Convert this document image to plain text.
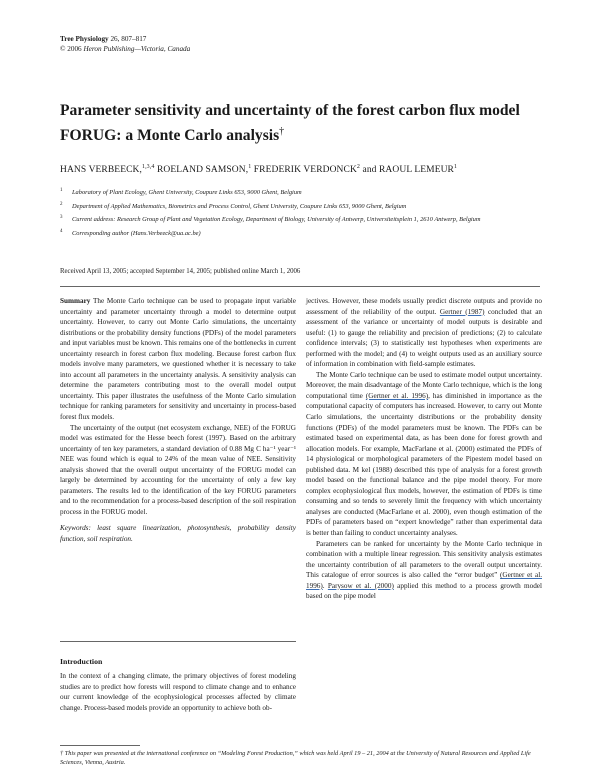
Tree Physiology 26, 807–817
© 2006 Heron Publishing—Victoria, Canada
Parameter sensitivity and uncertainty of the forest carbon flux model
FORUG: a Monte Carlo analysis†
HANS VERBEECK,$^{1,3,4}$ ROELAND SAMSON,$^1$ FREDERIK VERDONCK$^2$ and RAOUL LEMEUR$^1$
1 Laboratory of Plant Ecology, Ghent University, Coupure Links 653, 9000 Ghent, Belgium
2 Department of Applied Mathematics, Biometrics and Process Control, Ghent University, Coupure Links 653, 9000 Ghent, Belgium
3 Current address: Research Group of Plant and Vegetation Ecology, Department of Biology, University of Antwerp, Universiteitsplein 1, 2610 Antwerp, Belgium
4 Corresponding author (Hans.Verbeeck@ua.ac.be)
Received April 13, 2005; accepted September 14, 2005; published online March 1, 2006

Summary The Monte Carlo technique can be used to propagate input variable uncertainty and parameter uncertainty through a model to determine output uncertainty. However, to carry out Monte Carlo simulations, the uncertainty distributions or the probability density functions (PDFs) of the model parameters and input variables must be known. This remains one of the bottlenecks in current uncertainty research in forest carbon flux modeling. Because forest carbon flux models involve many parameters, we questioned whether it is necessary to take into account all parameters in the uncertainty analysis. A sensitivity analysis can determine the parameters contributing most to the overall model output uncertainty. This paper illustrates the usefulness of the Monte Carlo simulation technique for ranking parameters for sensitivity and uncertainty in process-based forest flux models.

The uncertainty of the output (net ecosystem exchange, NEE) of the FORUG model was estimated for the Hesse beech forest (1997). Based on the arbitrary uncertainty of ten key parameters, a standard deviation of 0.88 Mg C ha⁻¹ year⁻¹ NEE was found which is equal to 24% of the mean value of NEE. Sensitivity analysis showed that the overall output uncertainty of the FORUG model can largely be determined by accounting for the uncertainty of only a few key parameters. The results led to the identification of the key FORUG parameters and to the recommendation for a process-based description of the soil respiration process in the FORUG model.

Keywords: least square linearization, photosynthesis, probability density function, soil respiration.

Introduction

In the context of a changing climate, the primary objectives of forest modeling studies are to predict how forests will respond to climate change and to enhance our current knowledge of the ecophysiological processes affected by climate change. Process-based models provide an opportunity to achieve both ob-

jectives. However, these models usually predict discrete outputs and provide no assessment of the reliability of the output. Gertner (1987) concluded that an assessment of the variance or uncertainty of model outputs is desirable and useful: (1) to gauge the reliability and precision of predictions; (2) to calculate confidence intervals; (3) to statistically test hypotheses when experiments are performed with the model; and (4) to weight outputs used as an auxiliary source of information in combination with field-sample estimates.

The Monte Carlo technique can be used to estimate model output uncertainty. Moreover, the main disadvantage of the Monte Carlo technique, which is the long computational time (Gertner et al. 1996), has diminished in importance as the computational capacity of computers has increased. However, to carry out Monte Carlo simulations, the uncertainty distributions or the probability density functions (PDFs) of the model parameters must be known. The PDFs can be estimated based on experimental data, as has been done for forest growth and allocation models. For example, MacFarlane et al. (2000) estimated the PDFs of 14 physiological or morphological parameters of the Pipestem model based on published data. M kel (1988) described this type of analysis for a forest growth model based on the functional balance and the pipe model theory. For more complex ecophysiological flux models, however, the estimation of PDFs is time consuming and so tends to severely limit the frequency with which uncertainty analyses are conducted (MacFarlane et al. 2000), even though estimation of the PDFs of parameters based on “expert knowledge” rather than experimental data is better than failing to conduct uncertainty analyses.

Parameters can be ranked for uncertainty by the Monte Carlo technique in combination with a multiple linear regression. This sensitivity analysis estimates the uncertainty contribution of all parameters to the overall output uncertainty. This catalogue of error sources is also called the “error budget” (Gertner et al. 1996). Parysow et al. (2000) applied this method to a process growth model based on the pipe model

† This paper was presented at the international conference on “Modeling Forest Production,” which was held April 19 – 21, 2004 at the University of Natural Resources and Applied Life Sciences, Vienna, Austria.
